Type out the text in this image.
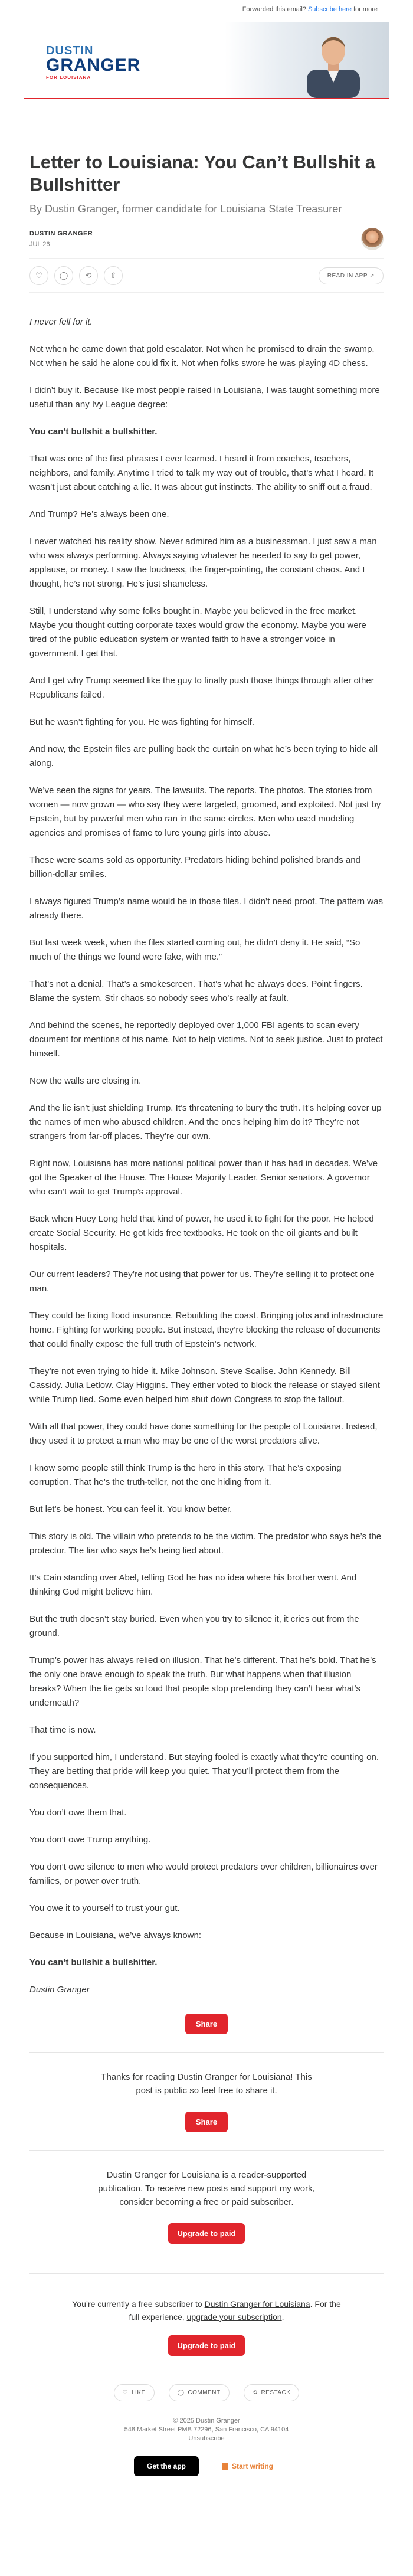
Forwarded this email? Subscribe here for more
DUSTIN
GRANGER
FOR LOUISIANA
Letter to Louisiana: You Can’t Bullshit a Bullshitter
By Dustin Granger, former candidate for Louisiana State Treasurer
DUSTIN GRANGER
JUL 26
♡	◯	⟲	⇧	READ IN APP ↗

I never fell for it.

Not when he came down that gold escalator. Not when he promised to drain the swamp. Not when he said he alone could fix it. Not when folks swore he was playing 4D chess.

I didn’t buy it. Because like most people raised in Louisiana, I was taught something more useful than any Ivy League degree:

You can’t bullshit a bullshitter.

That was one of the first phrases I ever learned. I heard it from coaches, teachers, neighbors, and family. Anytime I tried to talk my way out of trouble, that’s what I heard. It wasn’t just about catching a lie. It was about gut instincts. The ability to sniff out a fraud.

And Trump? He’s always been one.

I never watched his reality show. Never admired him as a businessman. I just saw a man who was always performing. Always saying whatever he needed to say to get power, applause, or money. I saw the loudness, the finger-pointing, the constant chaos. And I thought, he’s not strong. He’s just shameless.

Still, I understand why some folks bought in. Maybe you believed in the free market. Maybe you thought cutting corporate taxes would grow the economy. Maybe you were tired of the public education system or wanted faith to have a stronger voice in government. I get that.

And I get why Trump seemed like the guy to finally push those things through after other Republicans failed.

But he wasn’t fighting for you. He was fighting for himself.

And now, the Epstein files are pulling back the curtain on what he’s been trying to hide all along.

We’ve seen the signs for years. The lawsuits. The reports. The photos. The stories from women — now grown — who say they were targeted, groomed, and exploited. Not just by Epstein, but by powerful men who ran in the same circles. Men who used modeling agencies and promises of fame to lure young girls into abuse.

These were scams sold as opportunity. Predators hiding behind polished brands and billion-dollar smiles.

I always figured Trump’s name would be in those files. I didn’t need proof. The pattern was already there.

But last week week, when the files started coming out, he didn’t deny it. He said, “So much of the things we found were fake, with me.”

That’s not a denial. That’s a smokescreen. That’s what he always does. Point fingers. Blame the system. Stir chaos so nobody sees who’s really at fault.

And behind the scenes, he reportedly deployed over 1,000 FBI agents to scan every document for mentions of his name. Not to help victims. Not to seek justice. Just to protect himself.

Now the walls are closing in.

And the lie isn’t just shielding Trump. It’s threatening to bury the truth. It’s helping cover up the names of men who abused children. And the ones helping him do it? They’re not strangers from far-off places. They’re our own.

Right now, Louisiana has more national political power than it has had in decades. We’ve got the Speaker of the House. The House Majority Leader. Senior senators. A governor who can’t wait to get Trump’s approval.

Back when Huey Long held that kind of power, he used it to fight for the poor. He helped create Social Security. He got kids free textbooks. He took on the oil giants and built hospitals.

Our current leaders? They’re not using that power for us. They’re selling it to protect one man.

They could be fixing flood insurance. Rebuilding the coast. Bringing jobs and infrastructure home. Fighting for working people. But instead, they’re blocking the release of documents that could finally expose the full truth of Epstein’s network.

They’re not even trying to hide it. Mike Johnson. Steve Scalise. John Kennedy. Bill Cassidy. Julia Letlow. Clay Higgins. They either voted to block the release or stayed silent while Trump lied. Some even helped him shut down Congress to stop the fallout.

With all that power, they could have done something for the people of Louisiana. Instead, they used it to protect a man who may be one of the worst predators alive.

I know some people still think Trump is the hero in this story. That he’s exposing corruption. That he’s the truth-teller, not the one hiding from it.

But let’s be honest. You can feel it. You know better.

This story is old. The villain who pretends to be the victim. The predator who says he’s the protector. The liar who says he’s being lied about.

It’s Cain standing over Abel, telling God he has no idea where his brother went. And thinking God might believe him.

But the truth doesn’t stay buried. Even when you try to silence it, it cries out from the ground.

Trump’s power has always relied on illusion. That he’s different. That he’s bold. That he’s the only one brave enough to speak the truth. But what happens when that illusion breaks? When the lie gets so loud that people stop pretending they can’t hear what’s underneath?

That time is now.

If you supported him, I understand. But staying fooled is exactly what they’re counting on. They are betting that pride will keep you quiet. That you’ll protect them from the consequences.

You don’t owe them that.

You don’t owe Trump anything.

You don’t owe silence to men who would protect predators over children, billionaires over families, or power over truth.

You owe it to yourself to trust your gut.

Because in Louisiana, we’ve always known:

You can’t bullshit a bullshitter.

Dustin Granger

Share

Thanks for reading Dustin Granger for Louisiana! This post is public so feel free to share it.

Share

Dustin Granger for Louisiana is a reader-supported publication. To receive new posts and support my work, consider becoming a free or paid subscriber.

Upgrade to paid

You’re currently a free subscriber to Dustin Granger for Louisiana. For the full experience, upgrade your subscription.

Upgrade to paid
♡ LIKE	◯ COMMENT	⟲ RESTACK
© 2025 Dustin Granger
548 Market Street PMB 72296, San Francisco, CA 94104
Unsubscribe
Get the app	Start writing
